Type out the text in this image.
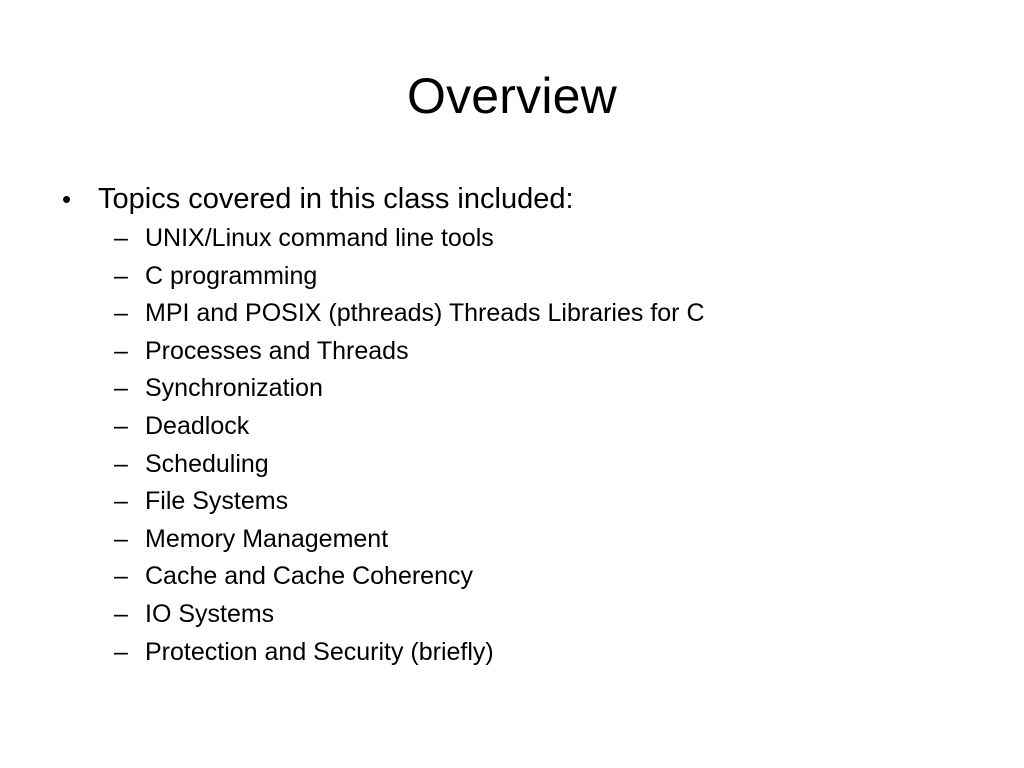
Overview
• Topics covered in this class included:
– UNIX/Linux command line tools
– C programming
– MPI and POSIX (pthreads) Threads Libraries for C
– Processes and Threads
– Synchronization
– Deadlock
– Scheduling
– File Systems
– Memory Management
– Cache and Cache Coherency
– IO Systems
– Protection and Security (briefly)
